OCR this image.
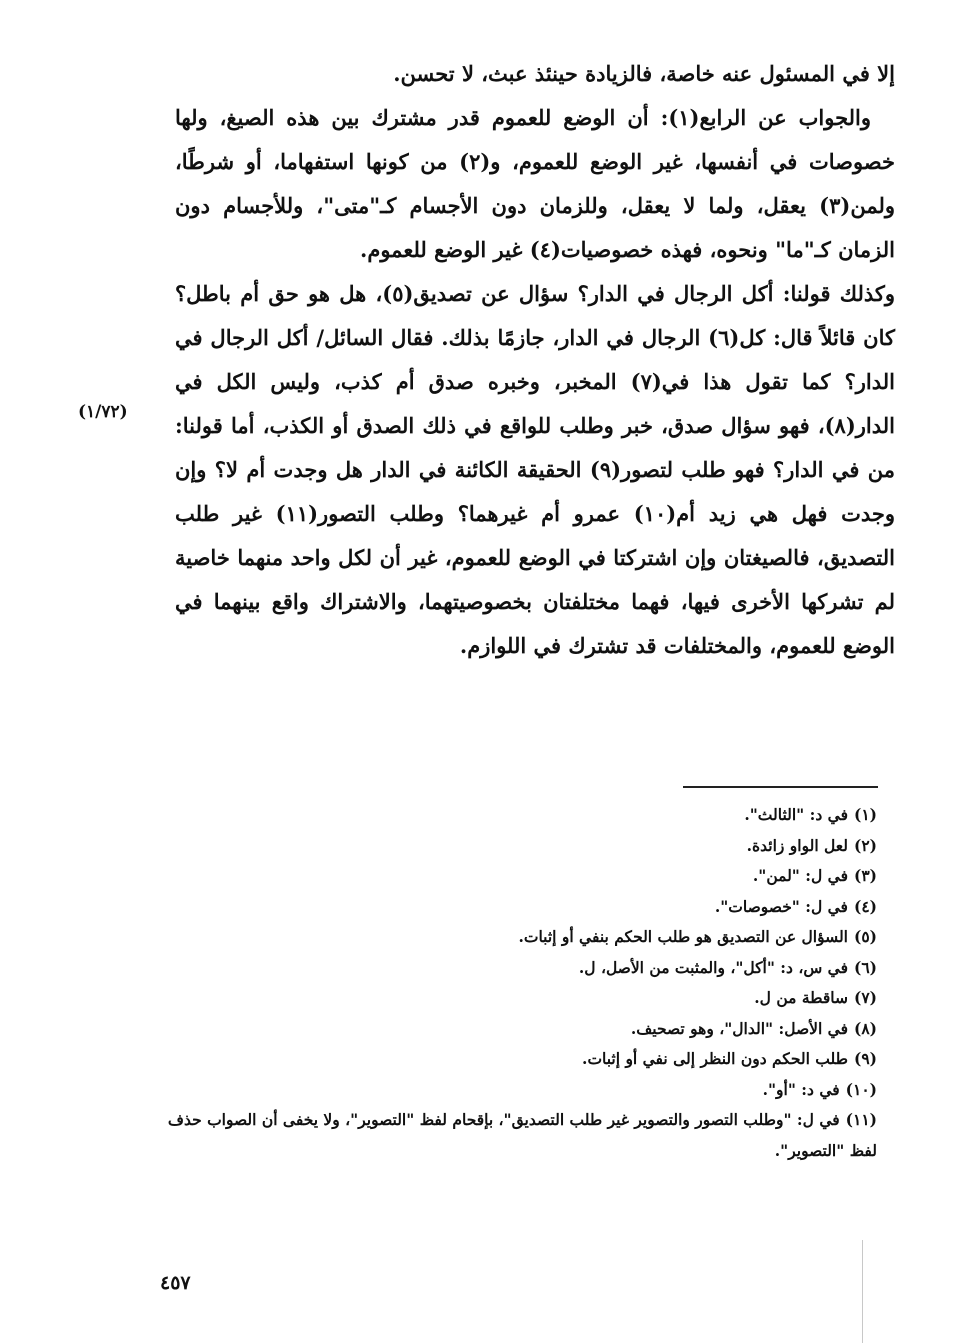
إلا في المسئول عنه خاصة، فالزيادة حينئذ عبث، لا تحسن.

والجواب عن الرابع(١): أن الوضع للعموم قدر مشترك بين هذه الصيغ، ولها خصوصات في أنفسها، غير الوضع للعموم، و(٢) من كونها استفهاما، أو شرطًا، ولمن(٣) يعقل، ولما لا يعقل، وللزمان دون الأجسام كـ"متى"، وللأجسام دون الزمان كـ"ما" ونحوه، فهذه خصوصيات(٤) غير الوضع للعموم.

وكذلك قولنا: أكل الرجال في الدار؟ سؤال عن تصديق(٥)، هل هو حق أم باطل؟ كان قائلاً قال: كل(٦) الرجال في الدار، جازمًا بذلك. فقال السائل/ أكل الرجال في الدار؟ كما تقول هذا في(٧) المخبر، وخبره صدق أم كذب، وليس الكل في الدار(٨)، فهو سؤال صدق، خبر وطلب للواقع في ذلك الصدق أو الكذب، أما قولنا: من في الدار؟ فهو طلب لتصور(٩) الحقيقة الكائنة في الدار هل وجدت أم لا؟ وإن وجدت فهل هي زيد أم(١٠) عمرو أم غيرهما؟ وطلب التصور(١١) غير طلب التصديق، فالصيغتان وإن اشتركتا في الوضع للعموم، غير أن لكل واحد منهما خاصية لم تشركها الأخرى فيها، فهما مختلفتان بخصوصيتهما، والاشتراك واقع بينهما في الوضع للعموم، والمختلفات قد تشترك في اللوازم.

(١/٧٢)

(١)في د: "الثالث".

(٢)لعل الواو زائدة.

(٣)في ل: "لمن".

(٤)في ل: "خصوصات".

(٥)السؤال عن التصديق هو طلب الحكم بنفي أو إثبات.

(٦)في س، د: "أكل"، والمثبت من الأصل، ل.

(٧)ساقطة من ل.

(٨)في الأصل: "الدال"، وهو تصحيف.

(٩)طلب الحكم دون النظر إلى نفي أو إثبات.

(١٠)في د: "أو".

(١١)في ل: "وطلب التصور والتصوير غير طلب التصديق"، بإقحام لفظ "التصوير"، ولا يخفى أن الصواب حذف لفظ "التصوير".

٤٥٧
